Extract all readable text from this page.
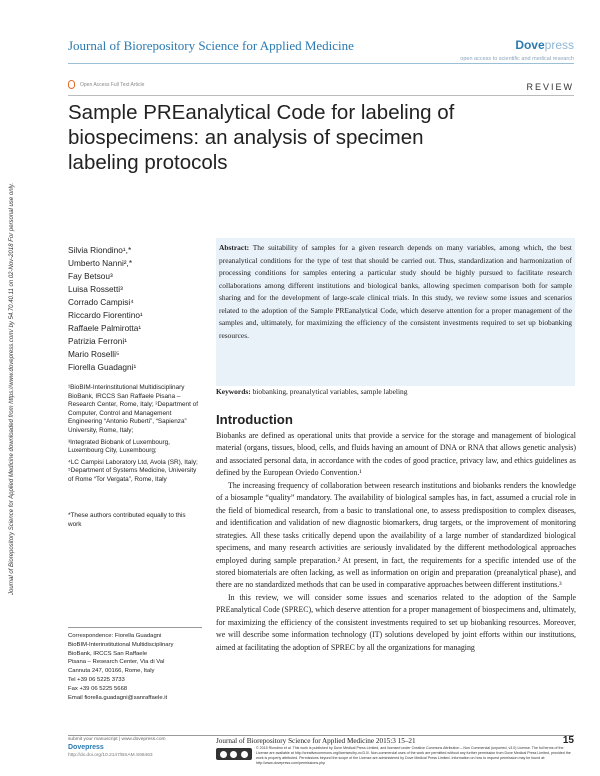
Journal of Biorepository Science for Applied Medicine	Dovepress
open access to scientific and medical research
Open Access Full Text Article	REVIEW
Journal of Biorepository Science for Applied Medicine downloaded from https://www.dovepress.com/ by 54.70.40.11 on 02-Nov-2018 For personal use only.
Sample PREanalytical Code for labeling of biospecimens: an analysis of specimen labeling protocols
Silvia Riondino¹,*
Umberto Nanni²,*
Fay Betsou³
Luisa Rossetti³
Corrado Campisi⁴
Riccardo Fiorentino¹
Raffaele Palmirotta¹
Patrizia Ferroni¹
Mario Roselli⁵
Fiorella Guadagni¹

¹BioBIM-Interinstitutional Multidisciplinary BioBank, IRCCS San Raffaele Pisana – Research Center, Rome, Italy; ²Department of Computer, Control and Management Engineering “Antonio Ruberti”, “Sapienza” University, Rome, Italy;

³Integrated Biobank of Luxembourg, Luxembourg City, Luxembourg;

⁴LC Campisi Laboratory Ltd, Avola (SR), Italy; ⁵Department of Systems Medicine, University of Rome “Tor Vergata”, Rome, Italy

*These authors contributed equally to this work
Correspondence: Fiorella Guadagni
BioBIM-Interinstitutional Multidisciplinary
BioBank, IRCCS San Raffaele
Pisana – Research Center, Via di Val
Cannuta 247, 00166, Rome, Italy
Tel +39 06 5225 3733
Fax +39 06 5225 5668
Email fiorella.guadagni@sanraffaele.it
Abstract: The suitability of samples for a given research depends on many variables, among which, the best preanalytical conditions for the type of test that should be carried out. Thus, standardization and harmonization of processing conditions for samples entering a particular study should be highly pursued to facilitate research collaborations among different institutions and biological banks, allowing specimen comparison both for sample sharing and for the development of large-scale clinical trials. In this study, we review some issues and scenarios related to the adoption of the Sample PREanalytical Code, which deserve attention for a proper management of the samples and, ultimately, for maximizing the efficiency of the consistent investments required to set up biobanking resources.
Keywords: biobanking, preanalytical variables, sample labeling
Introduction

Biobanks are defined as operational units that provide a service for the storage and management of biological material (organs, tissues, blood, cells, and fluids having an amount of DNA or RNA that allows genetic analysis) and associated personal data, in accordance with the codes of good practice, privacy law, and ethics guidelines as defined by the European Oviedo Convention.¹

The increasing frequency of collaboration between research institutions and biobanks renders the knowledge of a biosample “quality” mandatory. The availability of biological samples has, in fact, assumed a crucial role in the field of biomedical research, from a basic to translational one, to assess predisposition to complex diseases, and identification and validation of new diagnostic biomarkers, drug targets, or the improvement of monitoring strategies. All these tasks critically depend upon the availability of a large number of standardized biological specimens, and many research activities are seriously invalidated by the different methodological approaches employed during sample preparation.² At present, in fact, the requirements for a specific intended use of the stored biomaterials are often lacking, as well as information on origin and preparation (preanalytical phase), and there are no standardized methods that can be used in comparative approaches between different institutions.³

In this review, we will consider some issues and scenarios related to the adoption of the Sample PREanalytical Code (SPREC), which deserve attention for a proper management of biospecimens and, ultimately, for maximizing the efficiency of the consistent investments required to set up biobanking resources. Moreover, we will describe some information technology (IT) solutions developed by joint efforts within our institutions, aimed at facilitating the adoption of SPREC by all the organizations for managing

submit your manuscript | www.dovepress.com
Dovepress
http://dx.doi.org/10.2147/BSAM.S66463
Journal of Biorepository Science for Applied Medicine 2015:3 15–21	15
© 2015 Riondino et al. This work is published by Dove Medical Press Limited, and licensed under Creative Commons Attribution – Non Commercial (unported, v3.0) License. The full terms of the License are available at http://creativecommons.org/licenses/by-nc/3.0/. Non-commercial uses of the work are permitted without any further permission from Dove Medical Press Limited, provided the work is properly attributed. Permissions beyond the scope of the License are administered by Dove Medical Press Limited. Information on how to request permission may be found at: http://www.dovepress.com/permissions.php
